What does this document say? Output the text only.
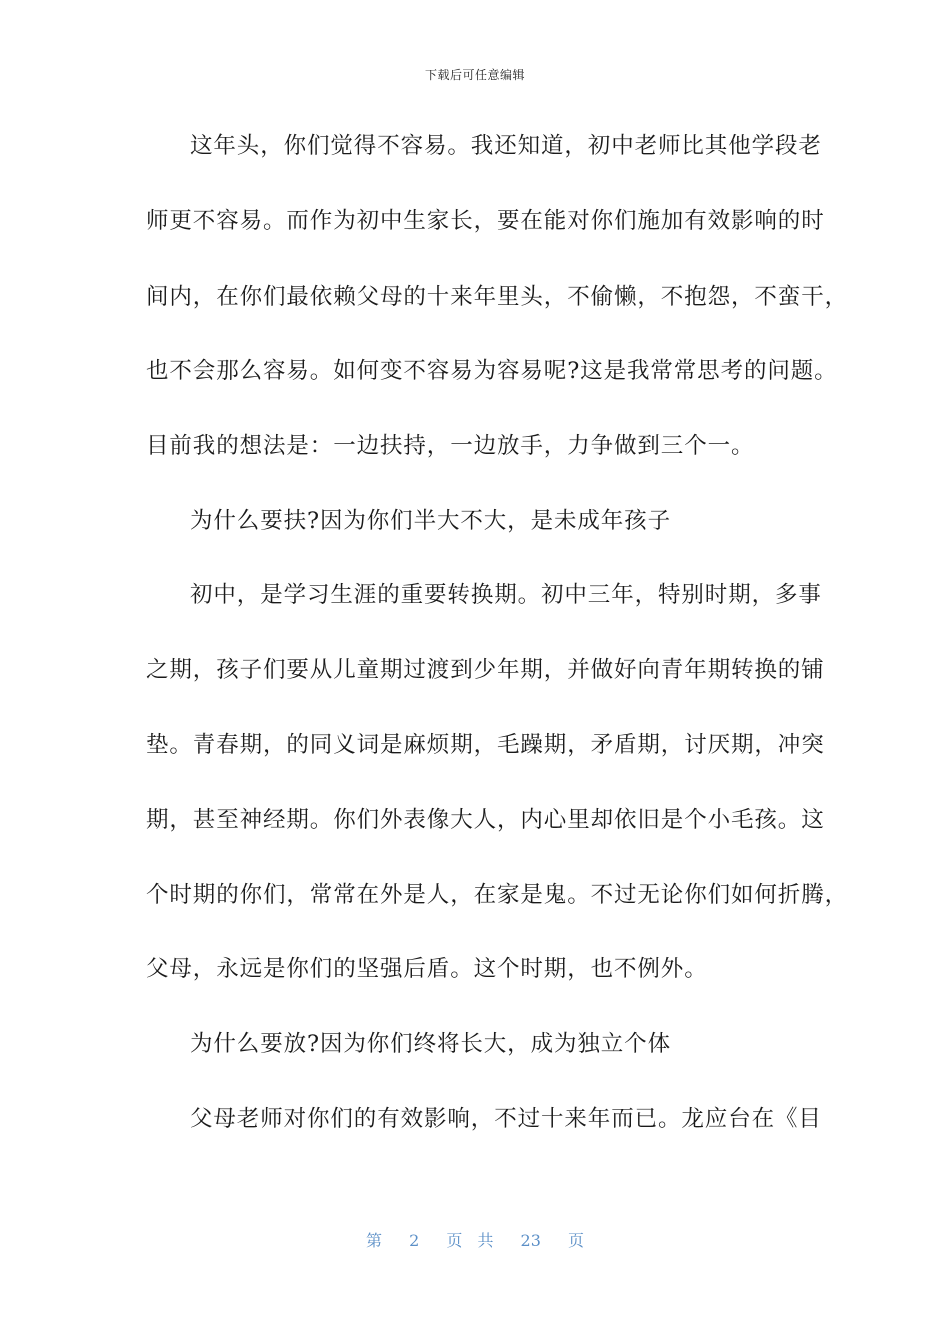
下载后可任意编辑
这年头，你们觉得不容易。我还知道，初中老师比其他学段老
师更不容易。而作为初中生家长，要在能对你们施加有效影响的时
间内，在你们最依赖父母的十来年里头，不偷懒，不抱怨，不蛮干，
也不会那么容易。如何变不容易为容易呢?这是我常常思考的问题。
目前我的想法是：一边扶持，一边放手，力争做到三个一。
为什么要扶?因为你们半大不大，是未成年孩子
初中，是学习生涯的重要转换期。初中三年，特别时期，多事
之期，孩子们要从儿童期过渡到少年期，并做好向青年期转换的铺
垫。青春期，的同义词是麻烦期，毛躁期，矛盾期，讨厌期，冲突
期，甚至神经期。你们外表像大人，内心里却依旧是个小毛孩。这
个时期的你们，常常在外是人，在家是鬼。不过无论你们如何折腾，
父母，永远是你们的坚强后盾。这个时期，也不例外。
为什么要放?因为你们终将长大，成为独立个体
父母老师对你们的有效影响，不过十来年而已。龙应台在《目
第 2 页 共 23 页
